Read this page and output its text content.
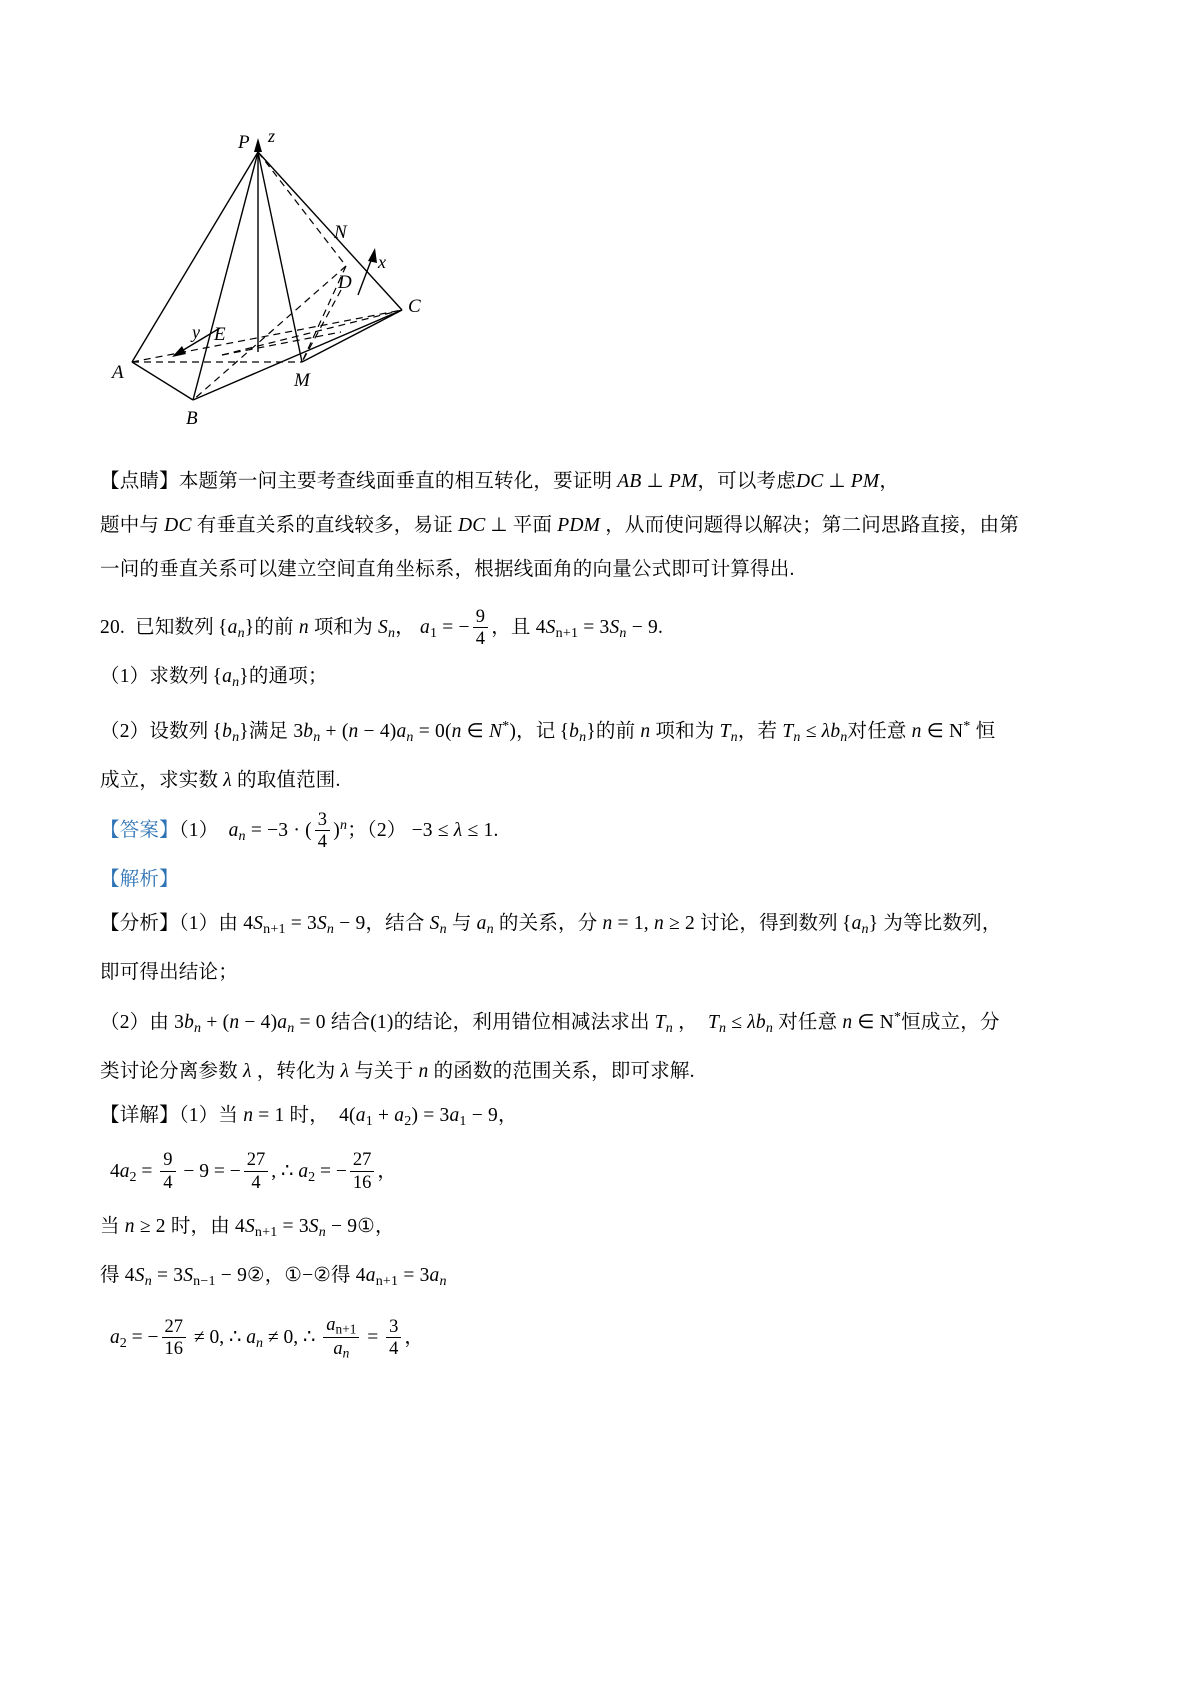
P z
N
x
D
C
y E
A	M
B

【点睛】本题第一问主要考查线面垂直的相互转化，要证明 AB ⊥ PM，可以考虑DC ⊥ PM，

题中与 DC 有垂直关系的直线较多，易证 DC ⊥ 平面 PDM ，从而使问题得以解决；第二问思路直接，由第

一问的垂直关系可以建立空间直角坐标系，根据线面角的向量公式即可计算得出.

20. 已知数列 $\{a_n\}$的前 n 项和为 $S_n$， $a_1$ = − $\frac{9}{4}$ ，且 $4S_{n+1} = 3S_n - 9$.

（1）求数列 $\{a_n\}$的通项；

（2）设数列 $\{b_n\}$满足 $3b_n + (n - 4)a_n = 0(n$ ∈ N*)，记 $\{b_n\}$的前 n 项和为 $T_n$，若 $T_n \le \lambda b_n$对任意 n ∈ N* 恒

成立，求实数 λ 的取值范围.

【答案】（1） $a_n = -3$ · ( $\frac{3}{4} )^n$；（2） −3 ≤ λ ≤ 1.

【解析】

【分析】（1）由 $4S_{n+1} = 3S_n - 9$，结合 $S_n$ 与 $a_n$ 的关系，分 n = 1, n ≥ 2 讨论，得到数列 $\{a_n\}$ 为等比数列，

即可得出结论；

（2）由 $3b_n + (n - 4)a_n = 0$ 结合(1)的结论，利用错位相减法求出 $T_n$ ，  $T_n \le \lambda b_n$ 对任意 n ∈ N*恒成立，分

类讨论分离参数 λ ，转化为 λ 与关于 n 的函数的范围关系，即可求解.

【详解】（1）当 n = 1 时， $4(a_1 + a_2) = 3a_1 - 9$，

$4a_2 = \frac{9}{4} - 9$ = − $\frac{27}{4}$ , ∴ $a_2$ = − $\frac{27}{16}$ ，

当 n ≥ 2 时，由 $4S_{n+1} = 3S_n$ − 9①，

得 $4S_n = 3S_{n-1}$ − 9②，①−②得 $4a_{n+1} = 3a_n$

$a_2$ = − $\frac{27}{16} \ne 0$, ∴ $a_n \ne 0$, ∴ $\frac{a_{n+1}}{a_n} = \frac{3}{4}$ ，
